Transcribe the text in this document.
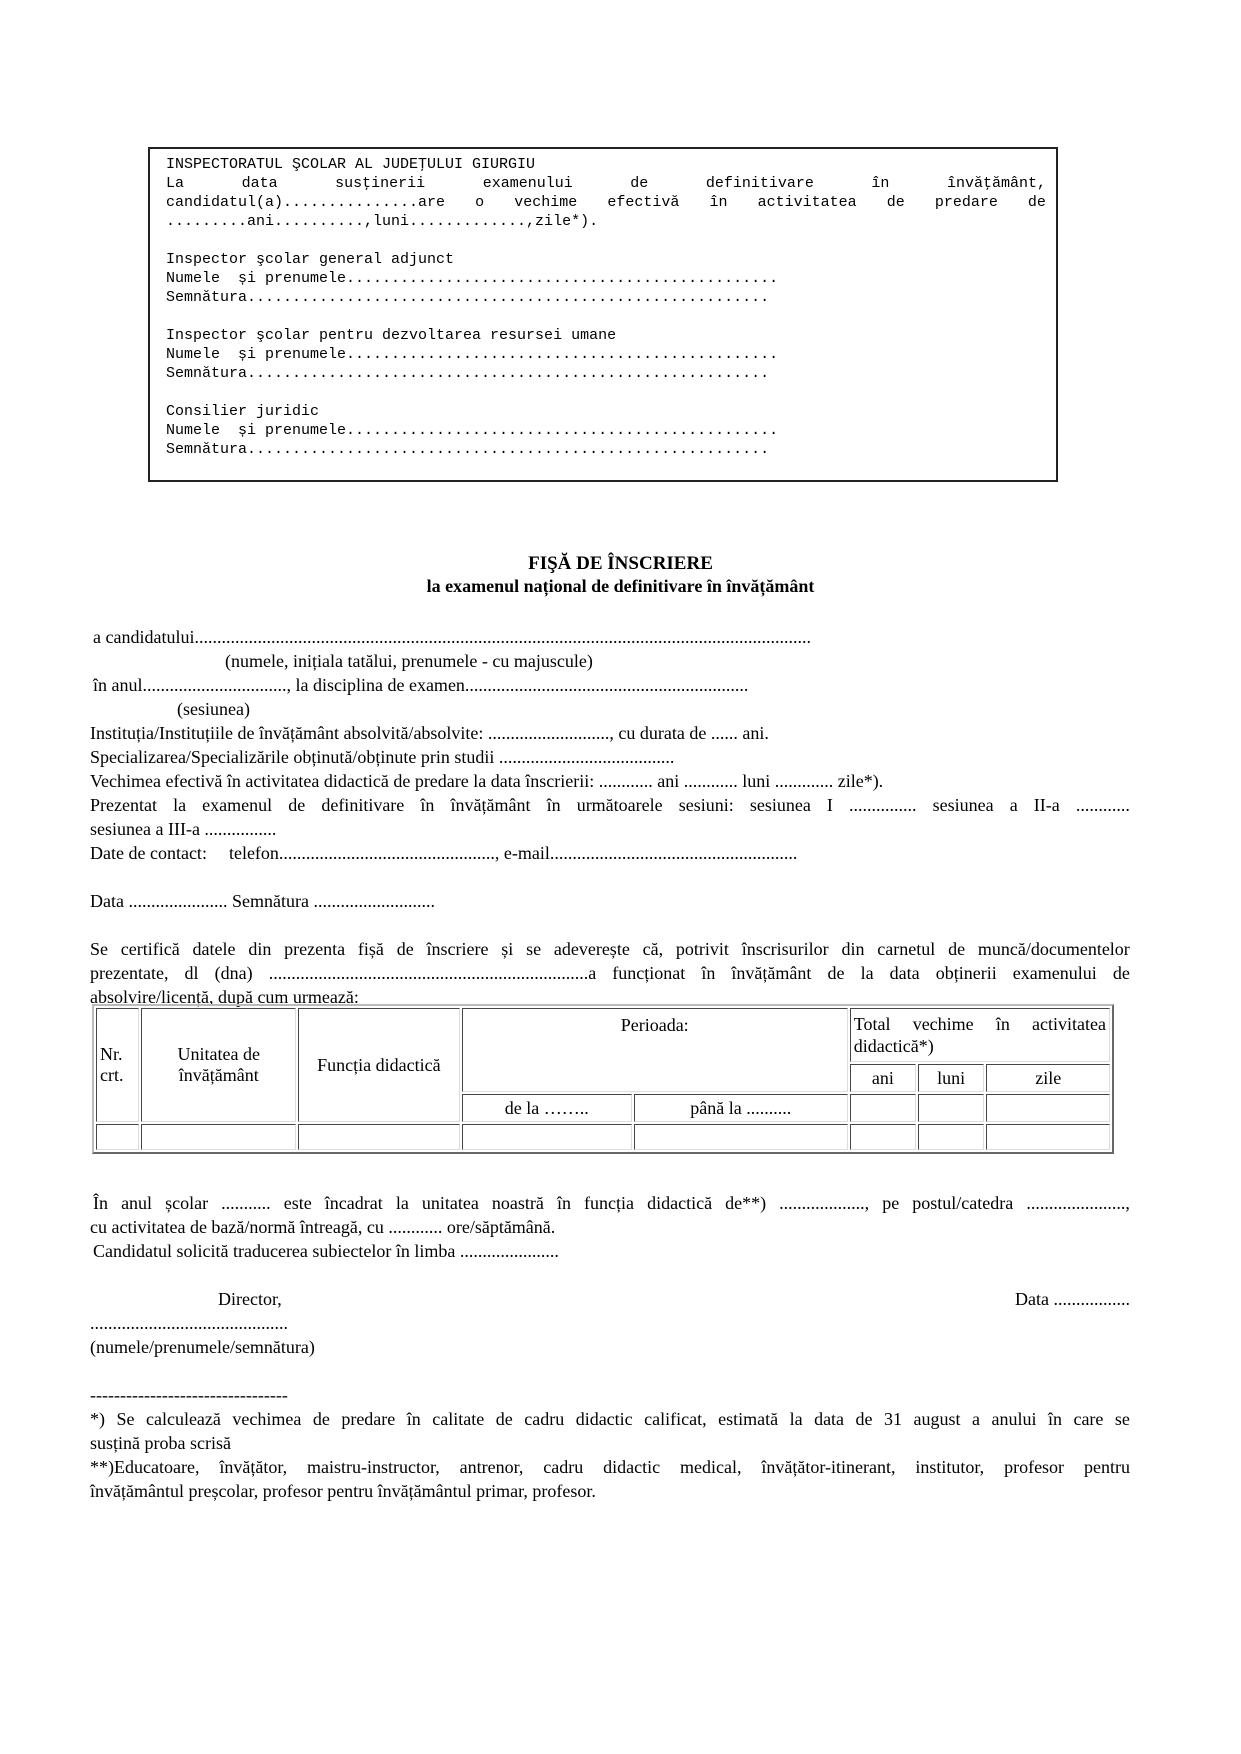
INSPECTORATUL ŞCOLAR AL JUDEŢULUI GIURGIU
La	data	susţinerii	examenului	de	definitivare	în	învăţământ,
candidatul(a)...............are o vechime efectivă în activitatea de predare de
.........ani..........,luni.............,zile*).
Inspector şcolar general adjunct
Numele  și prenumele................................................
Semnătura..........................................................
Inspector şcolar pentru dezvoltarea resursei umane
Numele  și prenumele................................................
Semnătura..........................................................
Consilier juridic
Numele  și prenumele................................................
Semnătura..........................................................
FIŞĂ DE ÎNSCRIERE
la examenul național de definitivare în învățământ
a candidatului.........................................................................................................................................
(numele, inițiala tatălui, prenumele - cu majuscule)
în anul................................, la disciplina de examen...............................................................
(sesiunea)
Instituția/Instituțiile de învățământ absolvită/absolvite: ..........................., cu durata de ...... ani.
Specializarea/Specializările obținută/obținute prin studii .......................................
Vechimea efectivă în activitatea didactică de predare la data înscrierii: ............ ani ............ luni ............. zile*).
Prezentat la examenul de definitivare în învățământ în următoarele sesiuni: sesiunea I ............... sesiunea a II-a ............
sesiunea a III-a ................
Date de contact: telefon................................................, e-mail.......................................................
Data ...................... Semnătura ...........................
Se certifică datele din prezenta fișă de înscriere și se adeverește că, potrivit înscrisurilor din carnetul de muncă/documentelor
prezentate, dl (dna) .......................................................................a funcționat în învățământ de la data obținerii examenului de
absolvire/licență, după cum urmează:
Nr. crt.	Unitatea de învățământ	Funcția didactică	Perioada:		Total vechime în activitatea didactică*)		
					ani	luni	zile
			de la ……..	până la ..........			

În anul școlar ........... este încadrat la unitatea noastră în funcția didactică de**) ..................., pe postul/catedra ......................,
cu activitatea de bază/normă întreagă, cu ............ ore/săptămână.
Candidatul solicită traducerea subiectelor în limba ......................
Director,	Data .................
............................................
(numele/prenumele/semnătura)
---------------------------------
*) Se calculează vechimea de predare în calitate de cadru didactic calificat, estimată la data de 31 august a anului în care se
susțină proba scrisă
**)Educatoare, învățător, maistru-instructor, antrenor, cadru didactic medical, învățător-itinerant, institutor, profesor pentru
învățământul preșcolar, profesor pentru învățământul primar, profesor.
